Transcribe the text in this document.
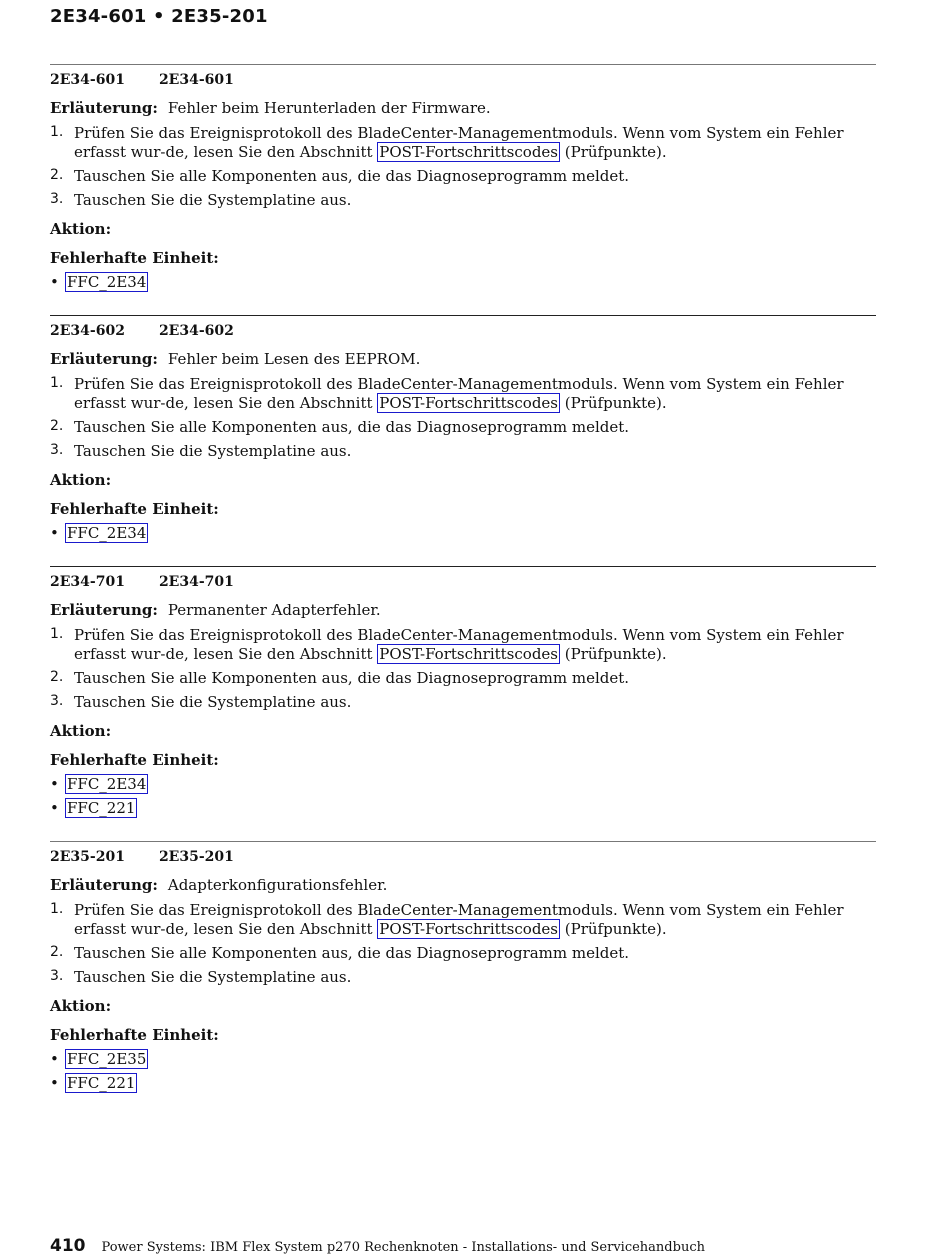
2E34-601 • 2E35-201
2E34-601 2E34-601
Erläuterung: Fehler beim Herunterladen der Firmware.
1. Prüfen Sie das Ereignisprotokoll des BladeCenter-Managementmoduls. Wenn vom System ein Fehler erfasst wur-de, lesen Sie den Abschnitt POST-Fortschrittscodes (Prüfpunkte).
2. Tauschen Sie alle Komponenten aus, die das Diagnoseprogramm meldet.
3. Tauschen Sie die Systemplatine aus.
Aktion:
Fehlerhafte Einheit:
• FFC_2E34
2E34-602 2E34-602
Erläuterung: Fehler beim Lesen des EEPROM.
1. Prüfen Sie das Ereignisprotokoll des BladeCenter-Managementmoduls. Wenn vom System ein Fehler erfasst wur-de, lesen Sie den Abschnitt POST-Fortschrittscodes (Prüfpunkte).
2. Tauschen Sie alle Komponenten aus, die das Diagnoseprogramm meldet.
3. Tauschen Sie die Systemplatine aus.
Aktion:
Fehlerhafte Einheit:
• FFC_2E34
2E34-701 2E34-701
Erläuterung: Permanenter Adapterfehler.
1. Prüfen Sie das Ereignisprotokoll des BladeCenter-Managementmoduls. Wenn vom System ein Fehler erfasst wur-de, lesen Sie den Abschnitt POST-Fortschrittscodes (Prüfpunkte).
2. Tauschen Sie alle Komponenten aus, die das Diagnoseprogramm meldet.
3. Tauschen Sie die Systemplatine aus.
Aktion:
Fehlerhafte Einheit:
• FFC_2E34
• FFC_221
2E35-201 2E35-201
Erläuterung: Adapterkonfigurationsfehler.
1. Prüfen Sie das Ereignisprotokoll des BladeCenter-Managementmoduls. Wenn vom System ein Fehler erfasst wur-de, lesen Sie den Abschnitt POST-Fortschrittscodes (Prüfpunkte).
2. Tauschen Sie alle Komponenten aus, die das Diagnoseprogramm meldet.
3. Tauschen Sie die Systemplatine aus.
Aktion:
Fehlerhafte Einheit:
• FFC_2E35
• FFC_221
410 Power Systems: IBM Flex System p270 Rechenknoten - Installations- und Servicehandbuch
